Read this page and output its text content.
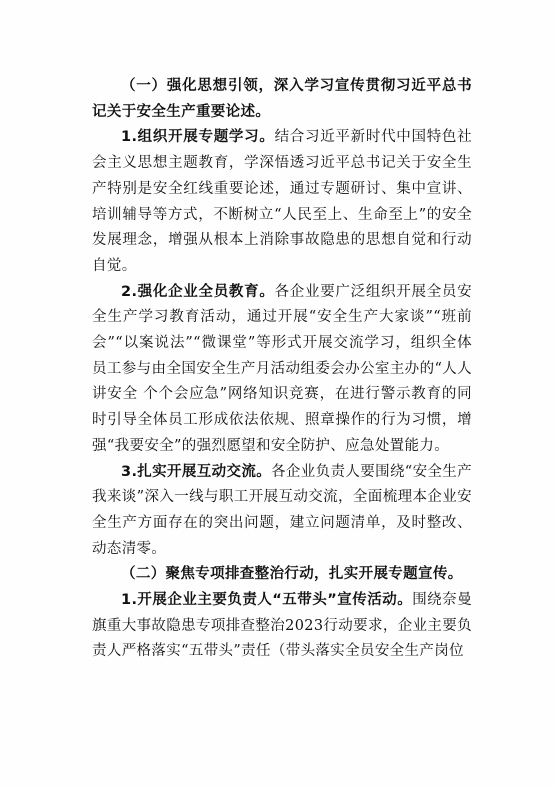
（一）强化思想引领，深入学习宣传贯彻习近平总书记关于安全生产重要论述。

1.组织开展专题学习。结合习近平新时代中国特色社会主义思想主题教育，学深悟透习近平总书记关于安全生产特别是安全红线重要论述，通过专题研讨、集中宣讲、培训辅导等方式，不断树立“人民至上、生命至上”的安全发展理念，增强从根本上消除事故隐患的思想自觉和行动自觉。

2.强化企业全员教育。各企业要广泛组织开展全员安全生产学习教育活动，通过开展“安全生产大家谈”“班前会”“以案说法”“微课堂”等形式开展交流学习，组织全体员工参与由全国安全生产月活动组委会办公室主办的“人人讲安全 个个会应急”网络知识竞赛，在进行警示教育的同时引导全体员工形成依法依规、照章操作的行为习惯，增强“我要安全”的强烈愿望和安全防护、应急处置能力。

3.扎实开展互动交流。各企业负责人要围绕“安全生产我来谈”深入一线与职工开展互动交流，全面梳理本企业安全生产方面存在的突出问题，建立问题清单，及时整改、动态清零。

（二）聚焦专项排查整治行动，扎实开展专题宣传。

1.开展企业主要负责人“五带头”宣传活动。围绕奈曼旗重大事故隐患专项排查整治2023行动要求，企业主要负责人严格落实“五带头”责任（带头落实全员安全生产岗位
